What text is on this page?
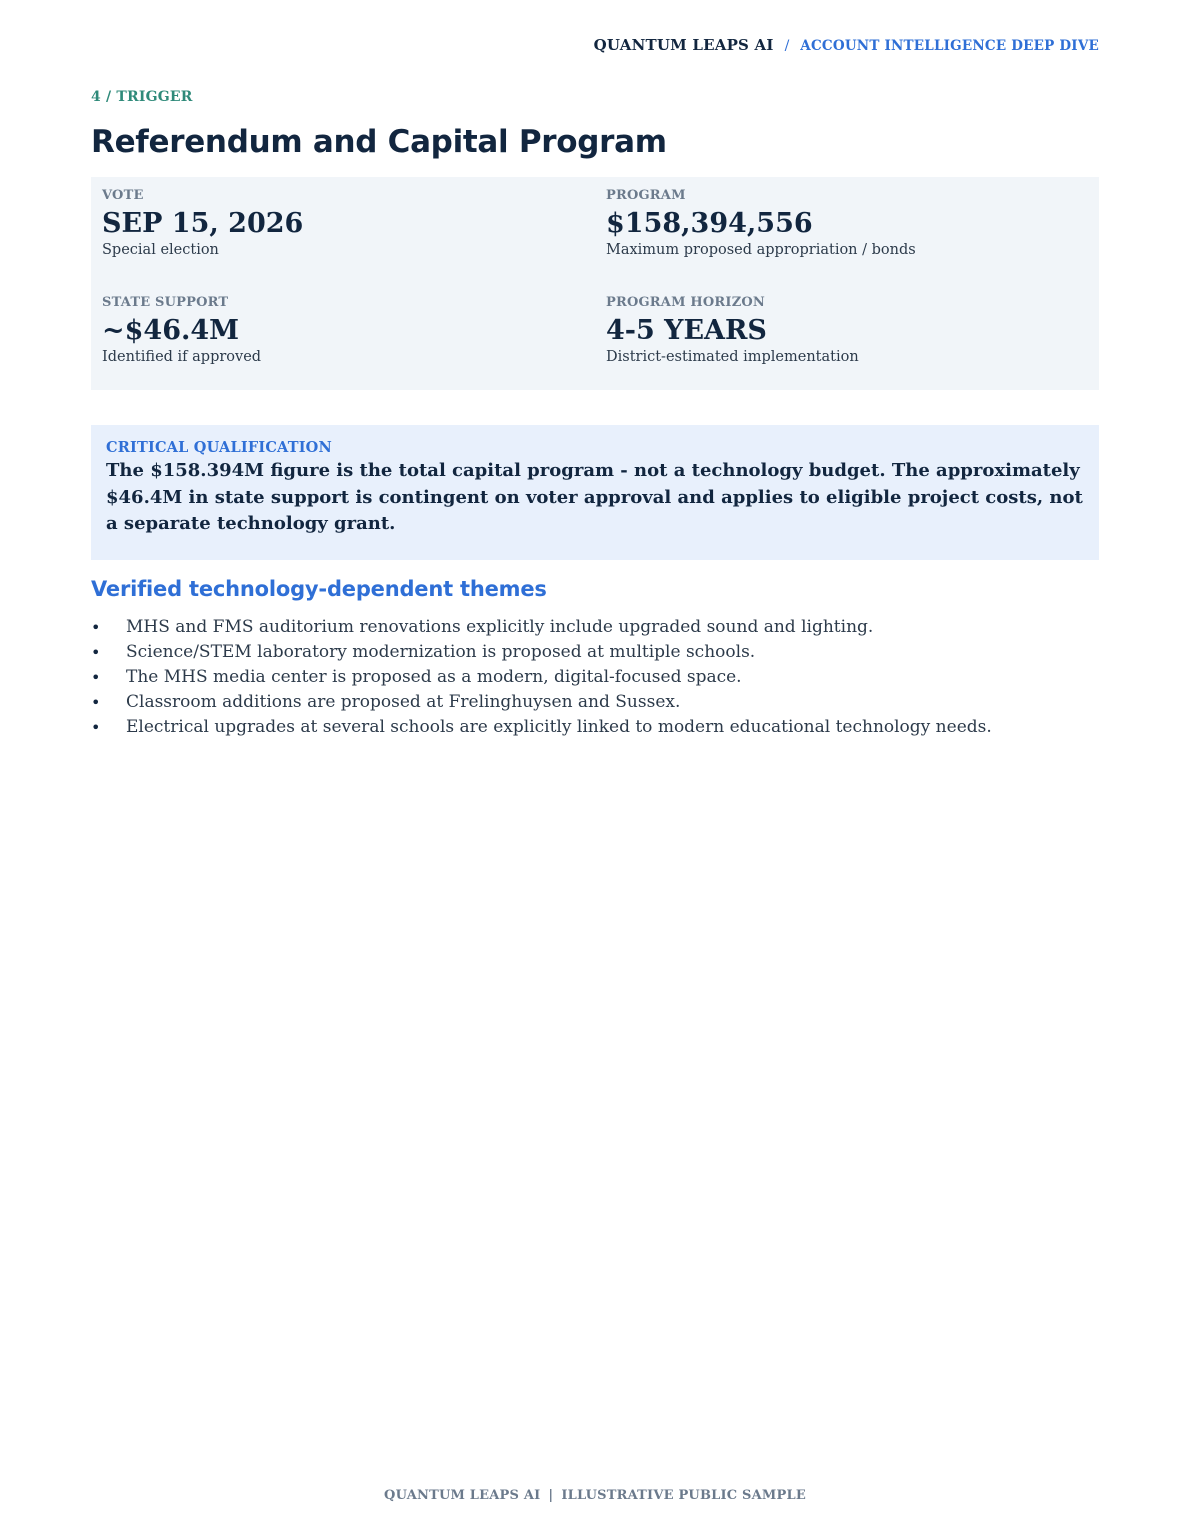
QUANTUM LEAPS AI / ACCOUNT INTELLIGENCE DEEP DIVE
4 / TRIGGER
Referendum and Capital Program
VOTE
SEP 15, 2026
Special election
PROGRAM
$158,394,556
Maximum proposed appropriation / bonds
STATE SUPPORT
~$46.4M
Identified if approved
PROGRAM HORIZON
4-5 YEARS
District-estimated implementation
CRITICAL QUALIFICATION
The $158.394M figure is the total capital program - not a technology budget. The approximately $46.4M in state support is contingent on voter approval and applies to eligible project costs, not a separate technology grant.
Verified technology-dependent themes
• MHS and FMS auditorium renovations explicitly include upgraded sound and lighting.
• Science/STEM laboratory modernization is proposed at multiple schools.
• The MHS media center is proposed as a modern, digital-focused space.
• Classroom additions are proposed at Frelinghuysen and Sussex.
• Electrical upgrades at several schools are explicitly linked to modern educational technology needs.
QUANTUM LEAPS AI | ILLUSTRATIVE PUBLIC SAMPLE
